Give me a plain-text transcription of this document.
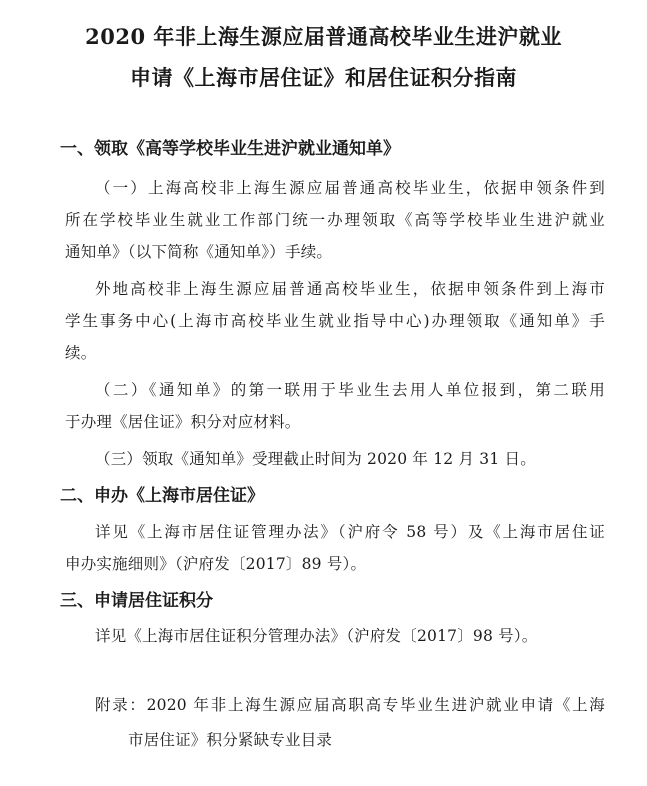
2020 年非上海生源应届普通高校毕业生进沪就业
申请《上海市居住证》和居住证积分指南
一、领取《高等学校毕业生进沪就业通知单》
（一）上海高校非上海生源应届普通高校毕业生，依据申领条件到
所在学校毕业生就业工作部门统一办理领取《高等学校毕业生进沪就业
通知单》（以下简称《通知单》）手续。
外地高校非上海生源应届普通高校毕业生，依据申领条件到上海市
学生事务中心(上海市高校毕业生就业指导中心)办理领取《通知单》手
续。
（二）《通知单》的第一联用于毕业生去用人单位报到，第二联用
于办理《居住证》积分对应材料。
（三）领取《通知单》受理截止时间为 2020 年 12 月 31 日。
二、申办《上海市居住证》
详见《上海市居住证管理办法》（沪府令 58 号）及《上海市居住证
申办实施细则》（沪府发〔2017〕89 号）。
三、申请居住证积分
详见《上海市居住证积分管理办法》（沪府发〔2017〕98 号）。
附录：2020 年非上海生源应届高职高专毕业生进沪就业申请《上海
市居住证》积分紧缺专业目录
